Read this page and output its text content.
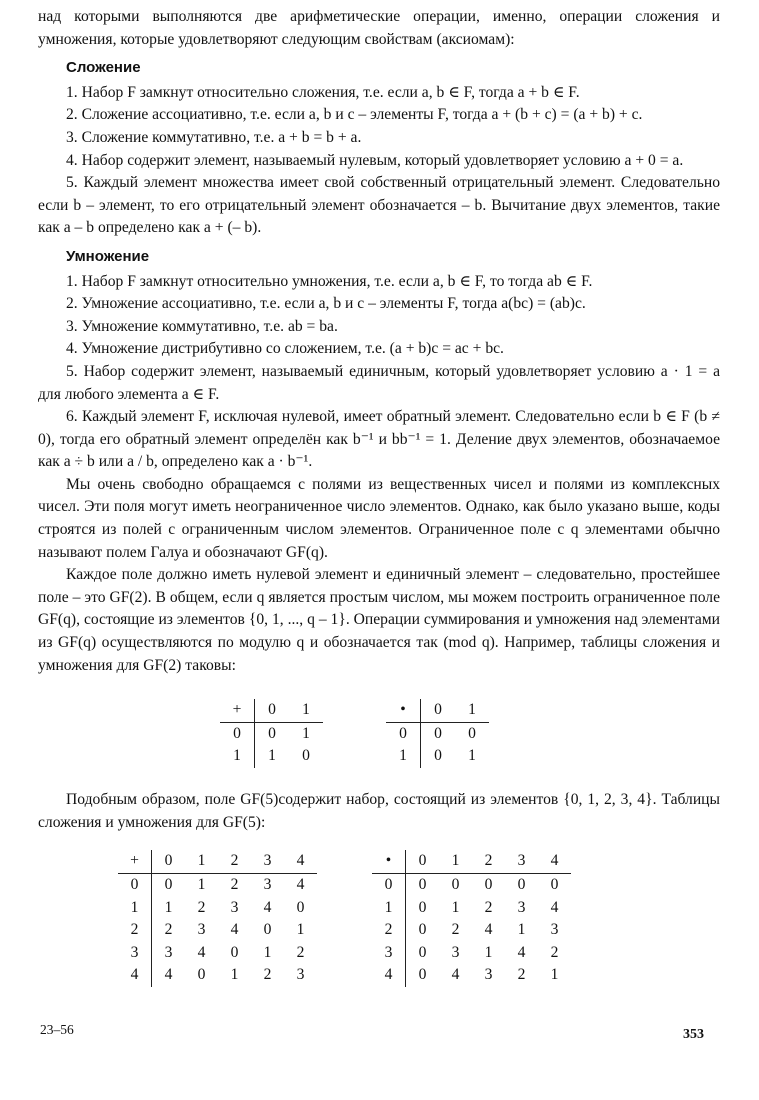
над которыми выполняются две арифметические операции, именно, операции сложения и умножения, которые удовлетворяют следующим свойствам (аксиомам):

Сложение

1. Набор F замкнут относительно сложения, т.е. если a, b ∈ F, тогда a + b ∈ F.

2. Сложение ассоциативно, т.е. если a, b и c – элементы F, тогда a + (b + c) = (a + b) + c.

3. Сложение коммутативно, т.е. a + b = b + a.

4. Набор содержит элемент, называемый нулевым, который удовлетворяет условию a + 0 = a.

5. Каждый элемент множества имеет свой собственный отрицательный элемент. Следовательно если b – элемент, то его отрицательный элемент обозначается – b. Вычитание двух элементов, такие как a – b определено как a + (– b).

Умножение

1. Набор F замкнут относительно умножения, т.е. если a, b ∈ F, то тогда ab ∈ F.

2. Умножение ассоциативно, т.е. если a, b и c – элементы F, тогда a(bc) = (ab)c.

3. Умножение коммутативно, т.е. ab = ba.

4. Умножение дистрибутивно со сложением, т.е. (a + b)c = ac + bc.

5. Набор содержит элемент, называемый единичным, который удовлетворяет условию a · 1 = a для любого элемента a ∈ F.

6. Каждый элемент F, исключая нулевой, имеет обратный элемент. Следовательно если b ∈ F (b ≠ 0), тогда его обратный элемент определён как b⁻¹ и bb⁻¹ = 1. Деление двух элементов, обозначаемое как a ÷ b или a / b, определено как a · b⁻¹.

Мы очень свободно обращаемся с полями из вещественных чисел и полями из комплексных чисел. Эти поля могут иметь неограниченное число элементов. Однако, как было указано выше, коды строятся из полей с ограниченным числом элементов. Ограниченное поле с q элементами обычно называют полем Галуа и обозначают GF(q).

Каждое поле должно иметь нулевой элемент и единичный элемент – следовательно, простейшее поле – это GF(2). В общем, если q является простым числом, мы можем построить ограниченное поле GF(q), состоящие из элементов {0, 1, ..., q – 1}. Операции суммирования и умножения над элементами из GF(q) осуществляются по модулю q и обозначается так (mod q). Например, таблицы сложения и умножения для GF(2) таковы:

+	0	1
0	0	1
1	1	0
•	0	1
0	0	0
1	0	1

Подобным образом, поле GF(5)содержит набор, состоящий из элементов {0, 1, 2, 3, 4}. Таблицы сложения и умножения для GF(5):

+	0	1	2	3	4
0	0	1	2	3	4
1	1	2	3	4	0
2	2	3	4	0	1
3	3	4	0	1	2
4	4	0	1	2	3
•	0	1	2	3	4
0	0	0	0	0	0
1	0	1	2	3	4
2	0	2	4	1	3
3	0	3	1	4	2
4	0	4	3	2	1
23–56	353
